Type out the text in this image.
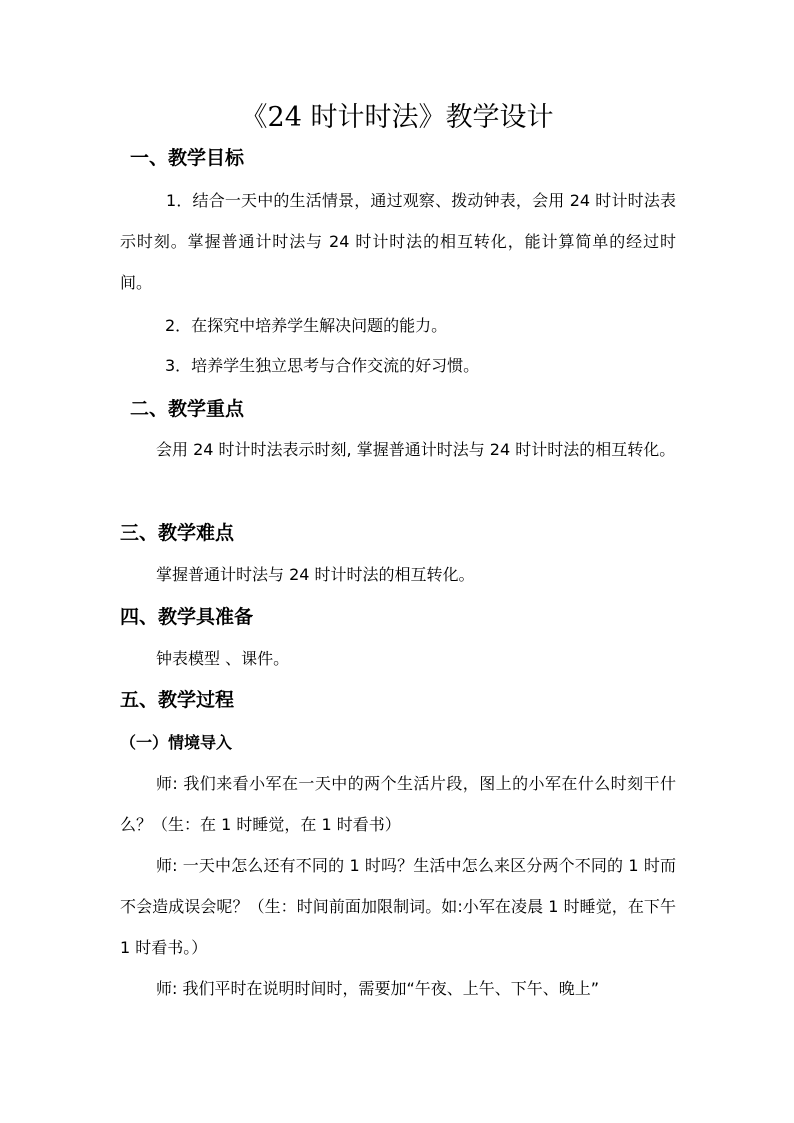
《24 时计时法》教学设计
一、教学目标
1．结合一天中的生活情景，通过观察、拨动钟表，会用 24 时计时法表示时刻。掌握普通计时法与 24 时计时法的相互转化，能计算简单的经过时间。
2．在探究中培养学生解决问题的能力。
3．培养学生独立思考与合作交流的好习惯。
二、教学重点
会用 24 时计时法表示时刻, 掌握普通计时法与 24 时计时法的相互转化。
三、教学难点
掌握普通计时法与 24 时计时法的相互转化。
四、教学具准备
钟表模型 、课件。
五、教学过程
（一）情境导入
师: 我们来看小军在一天中的两个生活片段，图上的小军在什么时刻干什么？（生：在 1 时睡觉，在 1 时看书）
师: 一天中怎么还有不同的 1 时吗？生活中怎么来区分两个不同的 1 时而不会造成误会呢？（生：时间前面加限制词。如:小军在凌晨 1 时睡觉，在下午 1 时看书。）
师: 我们平时在说明时间时，需要加“午夜、上午、下午、晚上”
